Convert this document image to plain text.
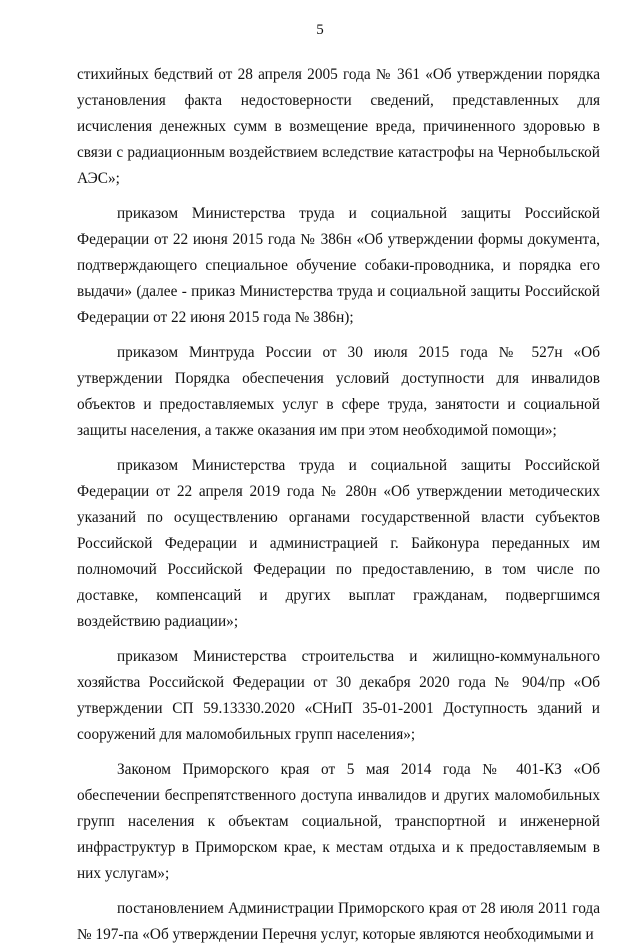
5

стихийных бедствий от 28 апреля 2005 года № 361 «Об утверждении порядка установления факта недостоверности сведений, представленных для исчисления денежных сумм в возмещение вреда, причиненного здоровью в связи с радиационным воздействием вследствие катастрофы на Чернобыльской АЭС»;

приказом Министерства труда и социальной защиты Российской Федерации от 22 июня 2015 года № 386н «Об утверждении формы документа, подтверждающего специальное обучение собаки-проводника, и порядка его выдачи» (далее - приказ Министерства труда и социальной защиты Российской Федерации от 22 июня 2015 года № 386н);

приказом Минтруда России от 30 июля 2015 года № 527н «Об утверждении Порядка обеспечения условий доступности для инвалидов объектов и предоставляемых услуг в сфере труда, занятости и социальной защиты населения, а также оказания им при этом необходимой помощи»;

приказом Министерства труда и социальной защиты Российской Федерации от 22 апреля 2019 года № 280н «Об утверждении методических указаний по осуществлению органами государственной власти субъектов Российской Федерации и администрацией г. Байконура переданных им полномочий Российской Федерации по предоставлению, в том числе по доставке, компенсаций и других выплат гражданам, подвергшимся воздействию радиации»;

приказом Министерства строительства и жилищно-коммунального хозяйства Российской Федерации от 30 декабря 2020 года № 904/пр «Об утверждении СП 59.13330.2020 «СНиП 35-01-2001 Доступность зданий и сооружений для маломобильных групп населения»;

Законом Приморского края от 5 мая 2014 года № 401-КЗ «Об обеспечении беспрепятственного доступа инвалидов и других маломобильных групп населения к объектам социальной, транспортной и инженерной инфраструктур в Приморском крае, к местам отдыха и к предоставляемым в них услугам»;

постановлением Администрации Приморского края от 28 июля 2011 года № 197-па «Об утверждении Перечня услуг, которые являются необходимыми и
